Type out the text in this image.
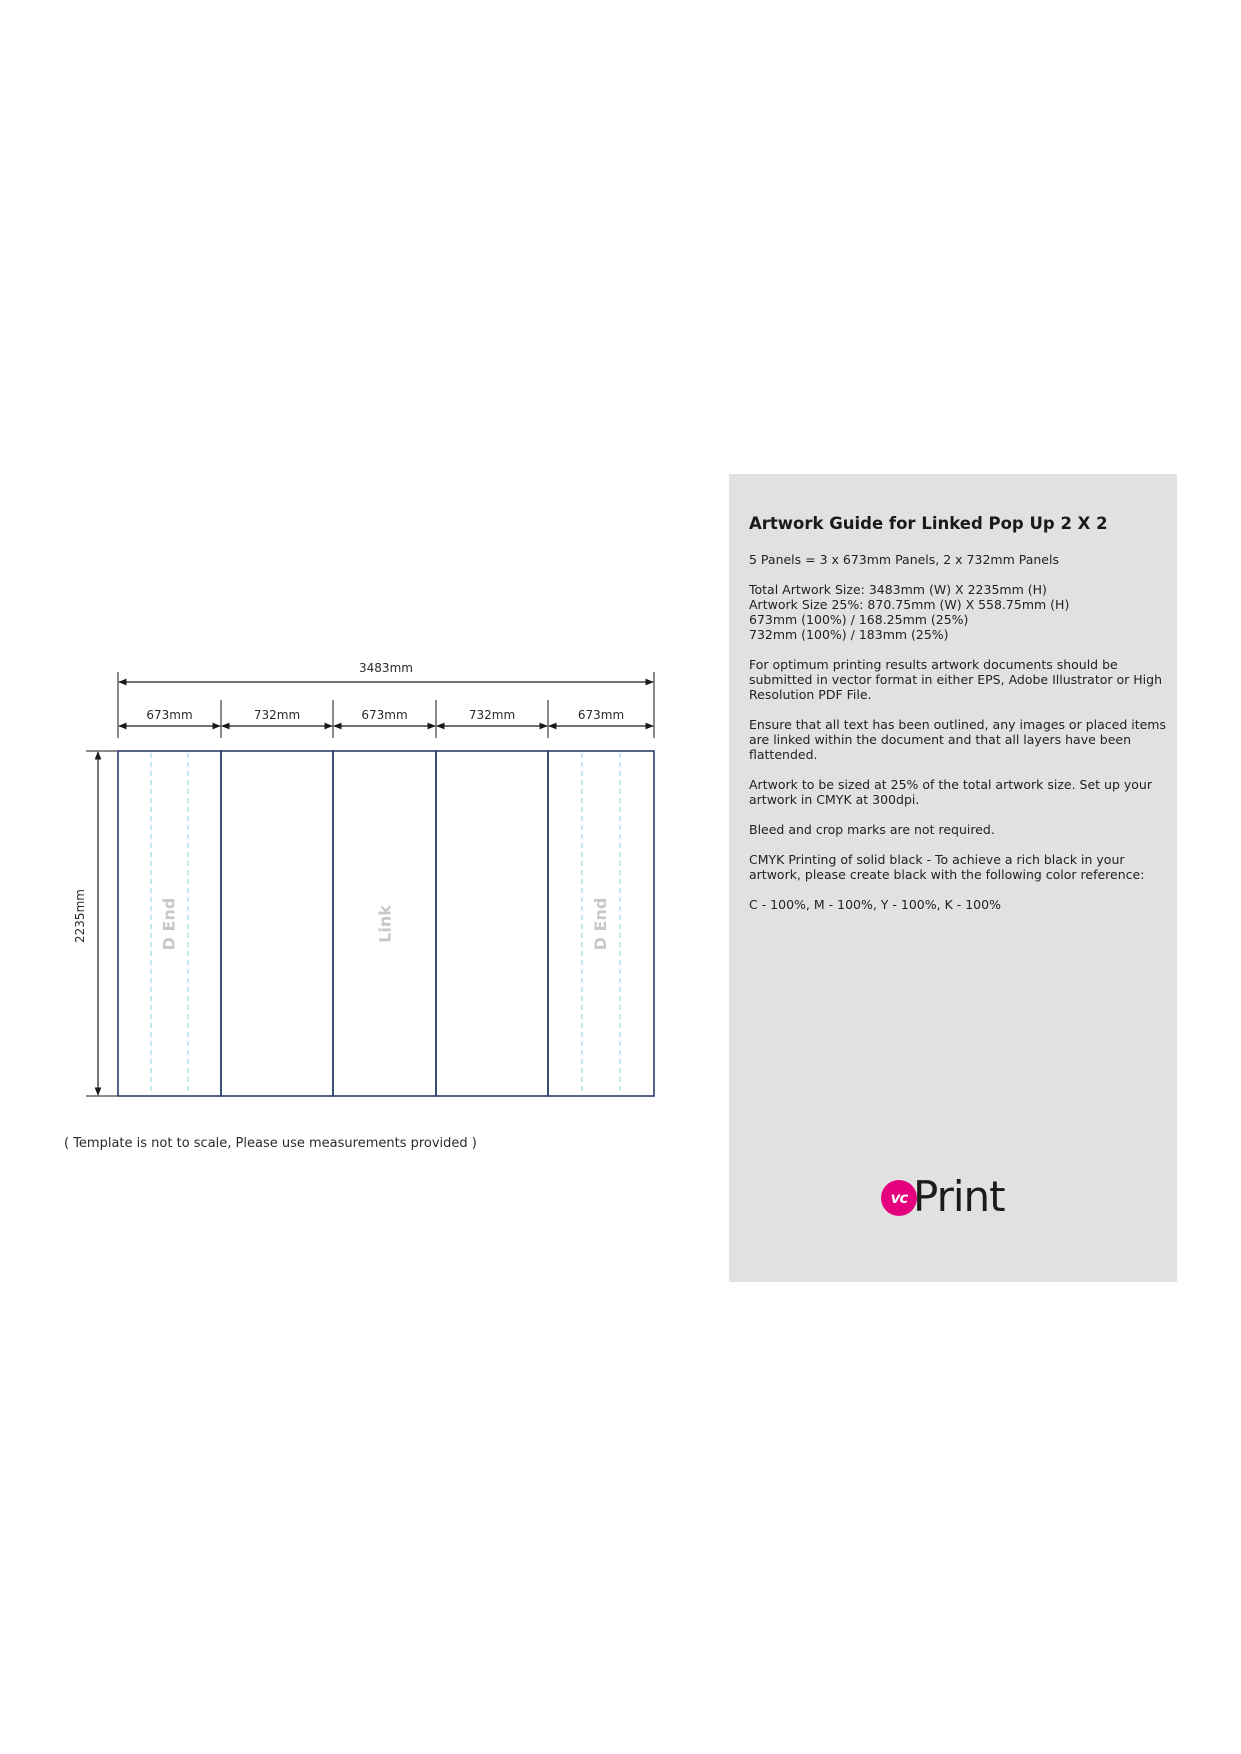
3483mm
673mm	732mm	673mm	732mm	673mm
2235mm	D End	Link	D End
( Template is not to scale, Please use measurements provided )
Artwork Guide for Linked Pop Up 2 X 2

5 Panels = 3 x 673mm Panels, 2 x 732mm Panels

Total Artwork Size: 3483mm (W) X 2235mm (H)
Artwork Size 25%: 870.75mm (W) X 558.75mm (H)
673mm (100%) / 168.25mm (25%)
732mm (100%) / 183mm (25%)

For optimum printing results artwork documents should be submitted in vector format in either EPS, Adobe Illustrator or High Resolution PDF File.

Ensure that all text has been outlined, any images or placed items are linked within the document and that all layers have been flattended.

Artwork to be sized at 25% of the total artwork size. Set up your artwork in CMYK at 300dpi.

Bleed and crop marks are not required.

CMYK Printing of solid black - To achieve a rich black in your artwork, please create black with the following color reference:

C - 100%, M - 100%, Y - 100%, K - 100%

vc Print
